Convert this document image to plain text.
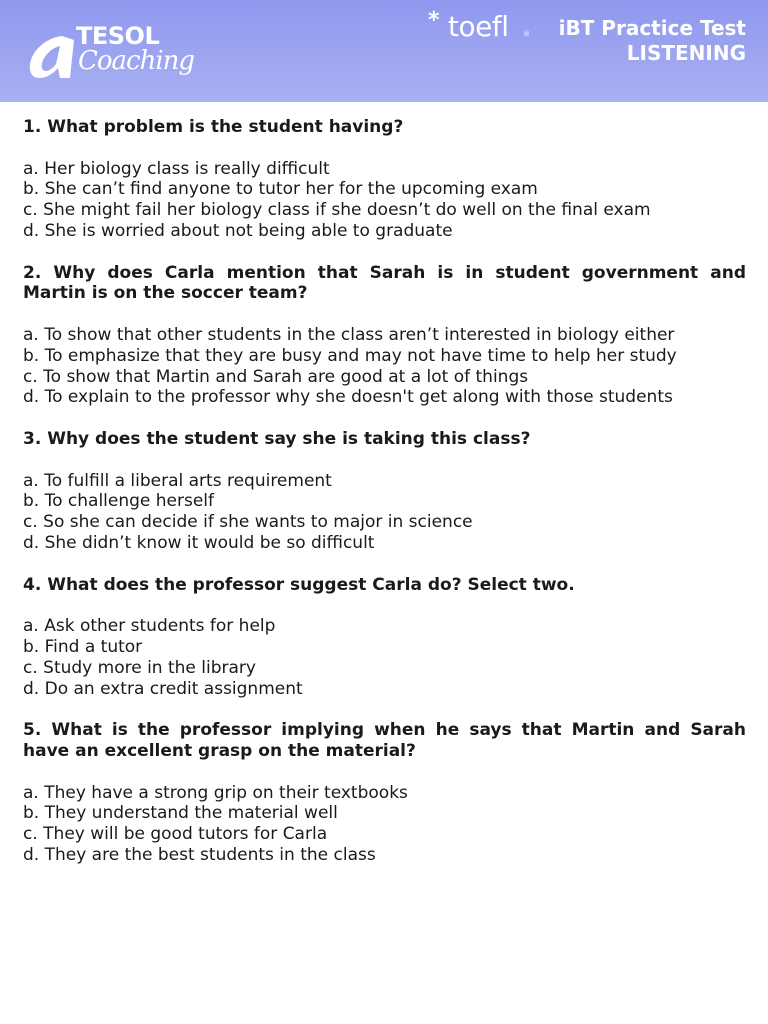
TESOL
Coaching
* toefl ® iBT Practice Test
LISTENING

1. What problem is the student having?

a. Her biology class is really difficult

b. She can’t find anyone to tutor her for the upcoming exam

c. She might fail her biology class if she doesn’t do well on the final exam

d. She is worried about not being able to graduate

2. Why does Carla mention that Sarah is in student government and Martin is on the soccer team?

a. To show that other students in the class aren’t interested in biology either

b. To emphasize that they are busy and may not have time to help her study

c. To show that Martin and Sarah are good at a lot of things

d. To explain to the professor why she doesn't get along with those students

3. Why does the student say she is taking this class?

a. To fulfill a liberal arts requirement

b. To challenge herself

c. So she can decide if she wants to major in science

d. She didn’t know it would be so difficult

4. What does the professor suggest Carla do? Select two.

a. Ask other students for help

b. Find a tutor

c. Study more in the library

d. Do an extra credit assignment

5. What is the professor implying when he says that Martin and Sarah have an excellent grasp on the material?

a. They have a strong grip on their textbooks

b. They understand the material well

c. They will be good tutors for Carla

d. They are the best students in the class
